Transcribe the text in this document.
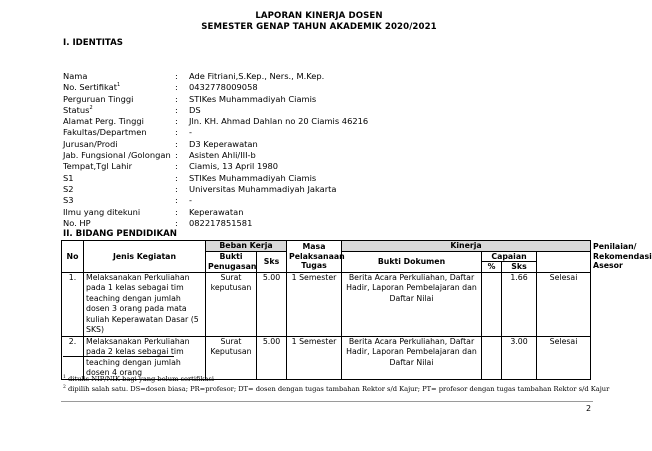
LAPORAN KINERJA DOSEN
SEMESTER GENAP TAHUN AKADEMIK 2020/2021
I. IDENTITAS
Nama	:	Ade Fitriani,S.Kep., Ners., M.Kep.
No. Sertifikat$^1$	:	0432778009058
Perguruan Tinggi	:	STIKes Muhammadiyah Ciamis
Status$^2$	:	DS
Alamat Perg. Tinggi	:	Jln. KH. Ahmad Dahlan no 20 Ciamis 46216
Fakultas/Departmen	:	-
Jurusan/Prodi	:	D3 Keperawatan
Jab. Fungsional /Golongan	:	Asisten Ahli/III-b
Tempat,Tgl Lahir	:	Ciamis, 13 April 1980
S1	:	STIKes Muhammadiyah Ciamis
S2	:	Universitas Muhammadiyah Jakarta
S3	:	-
Ilmu yang ditekuni	:	Keperawatan
No. HP	:	082217851581
II. BIDANG PENDIDIKAN
No	Jenis Kegiatan	Beban Kerja		Masa Pelaksanaan Tugas	Kinerja				Penilaian/ Rekomendasi Asesor
		Bukti Penugasan	Sks		Bukti Dokumen	Capaian			
						%	Sks		
1.	Melaksanakan Perkuliahan pada 1 kelas sebagai tim teaching dengan jumlah dosen 3 orang pada mata kuliah Keperawatan Dasar (5 SKS)	Surat keputusan	5.00	1 Semester	Berita Acara Perkuliahan, Daftar Hadir, Laporan Pembelajaran dan Daftar Nilai		1.66	Selesai	
2.	Melaksanakan Perkuliahan pada 2 kelas sebagai tim teaching dengan jumlah dosen 4 orang	Surat Keputusan	5.00	1 Semester	Berita Acara Perkuliahan, Daftar Hadir, Laporan Pembelajaran dan Daftar Nilai		3.00	Selesai	
$^1$ ditulis NIP/NIK bagi yang belum sertifikasi
$^2$ dipilih salah satu. DS=dosen biasa; PR=profesor; DT= dosen dengan tugas tambahan Rektor s/d Kajur; PT= profesor dengan tugas tambahan Rektor s/d Kajur
2
